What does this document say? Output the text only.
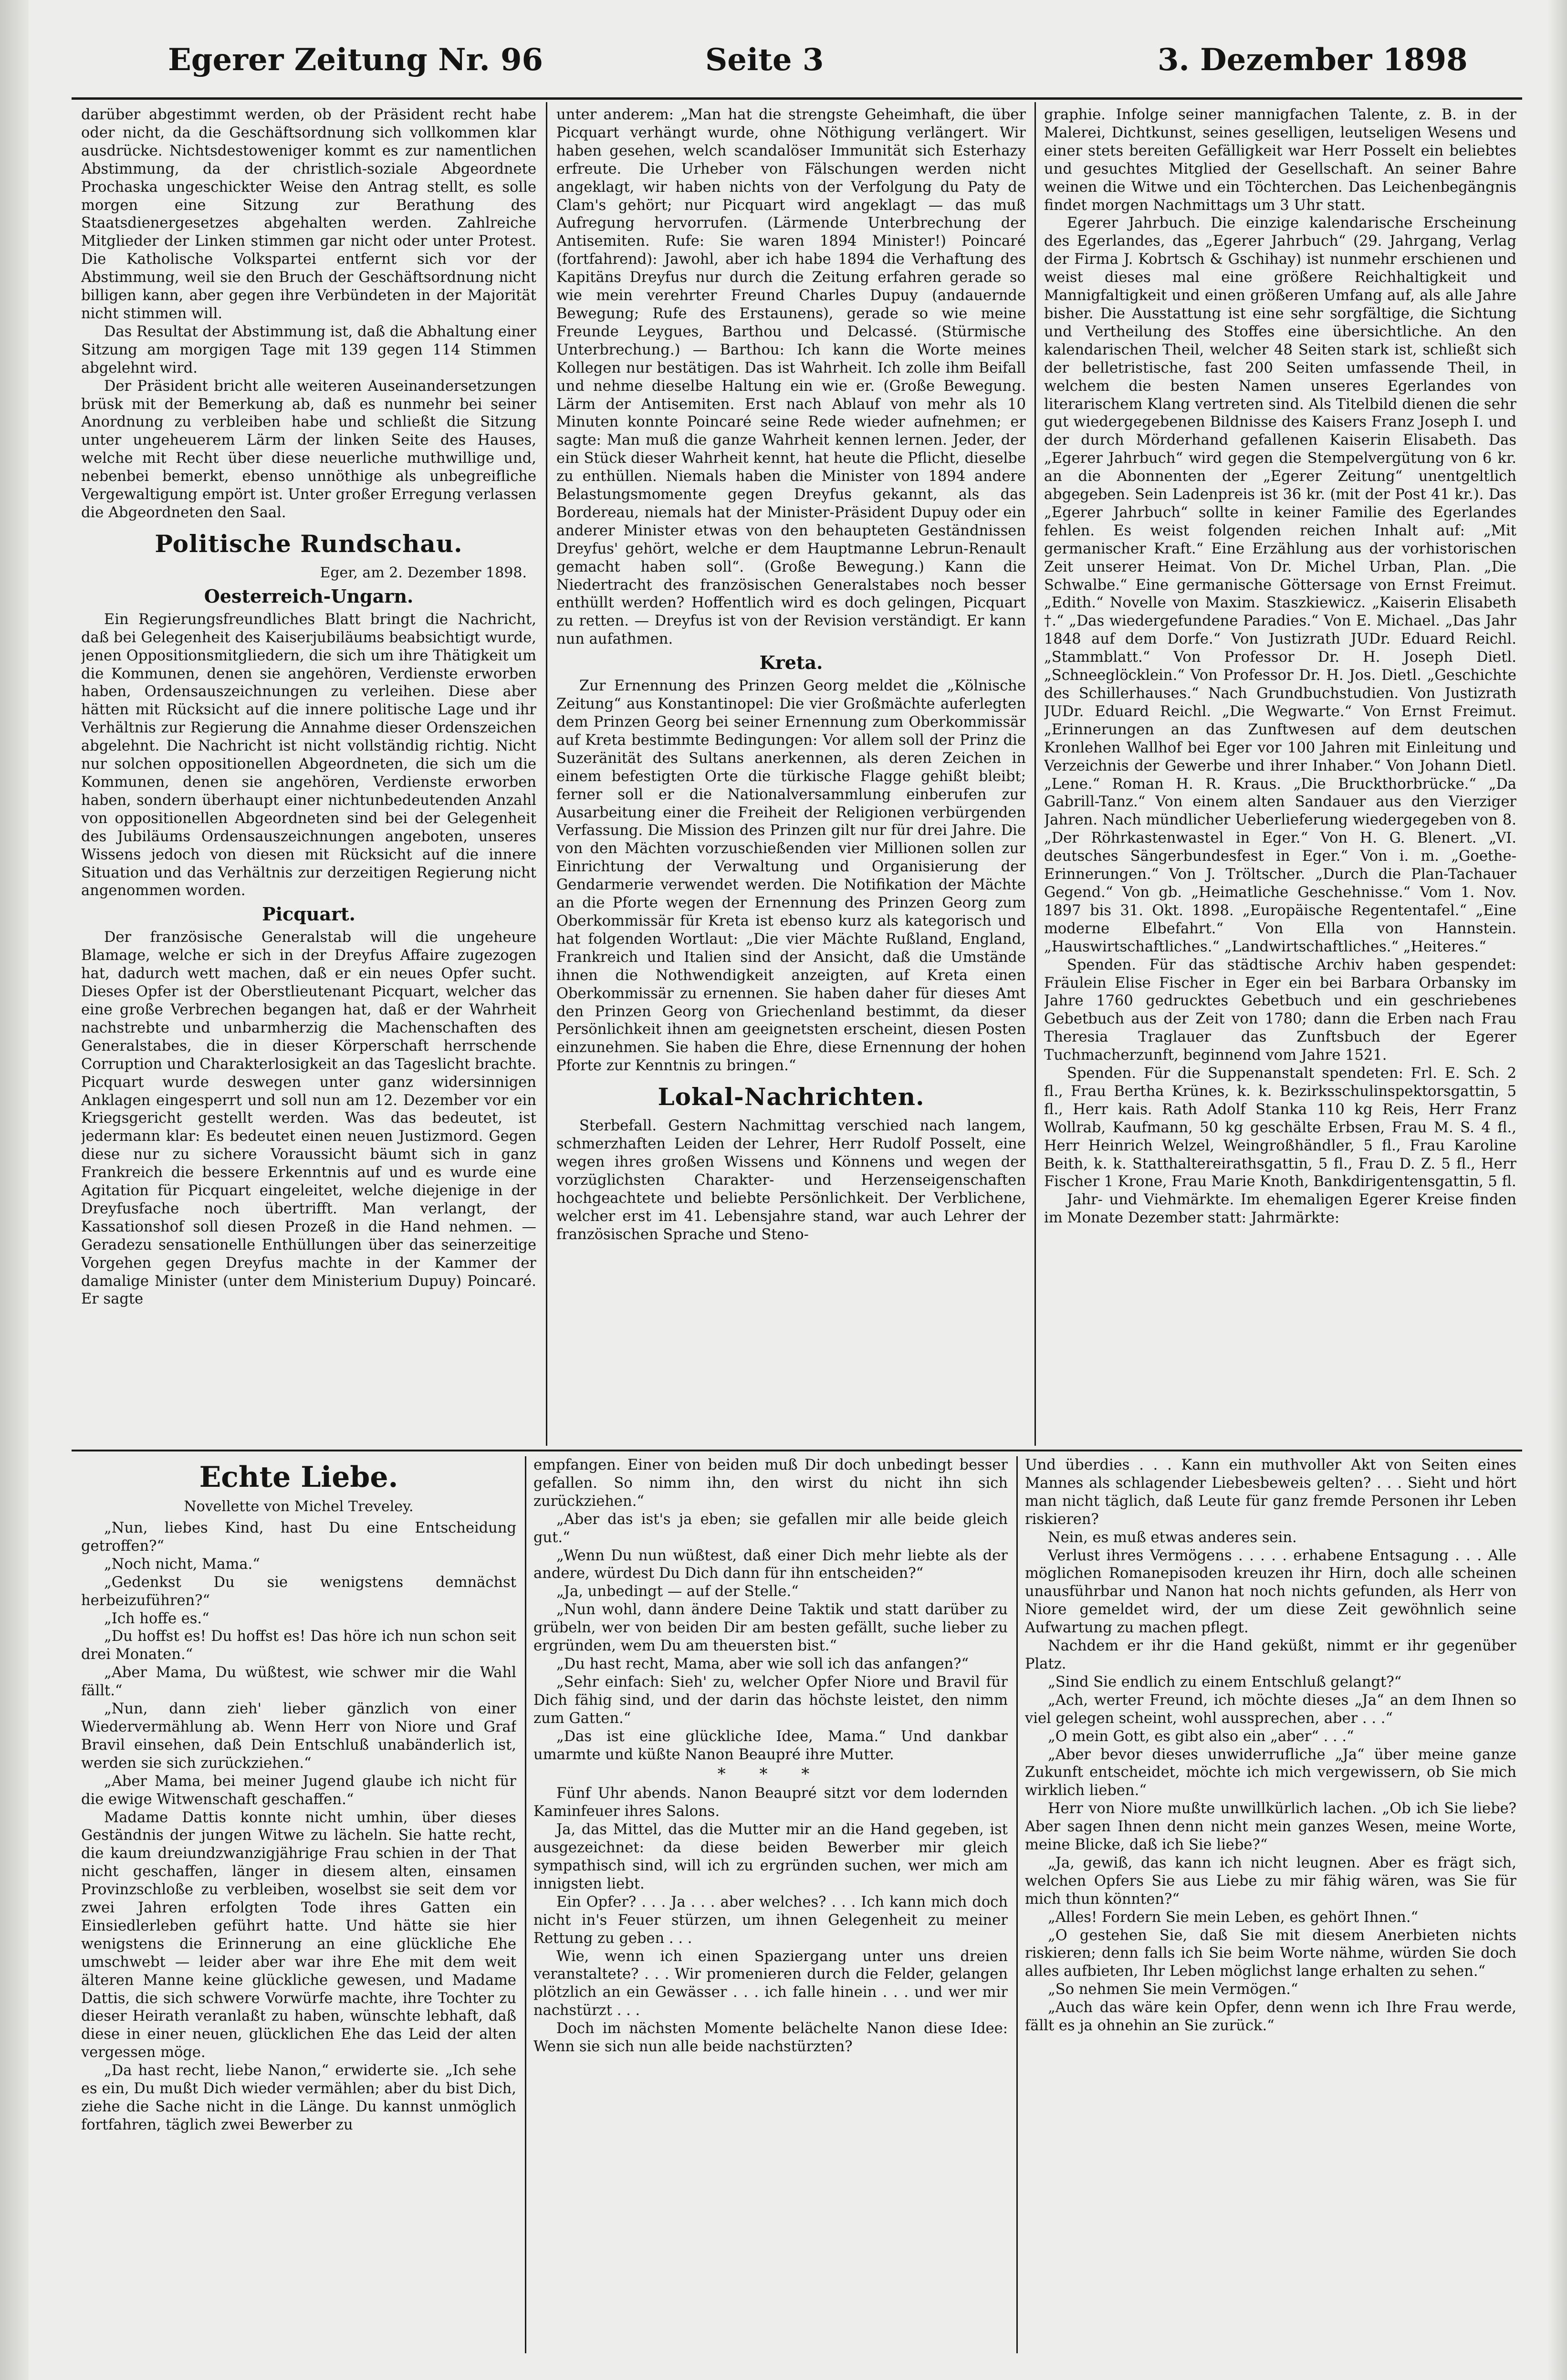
Egerer Zeitung Nr. 96	Seite 3	3. Dezember 1898

darüber abgestimmt werden, ob der Präsident recht habe oder nicht, da die Geschäftsordnung sich vollkommen klar ausdrücke. Nichtsdestoweniger kommt es zur namentlichen Abstimmung, da der christlich-soziale Abgeordnete Prochaska ungeschickter Weise den Antrag stellt, es solle morgen eine Sitzung zur Berathung des Staatsdienergesetzes abgehalten werden. Zahlreiche Mitglieder der Linken stimmen gar nicht oder unter Protest. Die Katholische Volkspartei entfernt sich vor der Abstimmung, weil sie den Bruch der Geschäftsordnung nicht billigen kann, aber gegen ihre Verbündeten in der Majorität nicht stimmen will.

Das Resultat der Abstimmung ist, daß die Abhaltung einer Sitzung am morgigen Tage mit 139 gegen 114 Stimmen abgelehnt wird.

Der Präsident bricht alle weiteren Auseinandersetzungen brüsk mit der Bemerkung ab, daß es nunmehr bei seiner Anordnung zu verbleiben habe und schließt die Sitzung unter ungeheuerem Lärm der linken Seite des Hauses, welche mit Recht über diese neuerliche muthwillige und, nebenbei bemerkt, ebenso unnöthige als unbegreifliche Vergewaltigung empört ist. Unter großer Erregung verlassen die Abgeordneten den Saal.

Politische Rundschau.
Eger, am 2. Dezember 1898.
Oesterreich-Ungarn.

Ein Regierungsfreundliches Blatt bringt die Nachricht, daß bei Gelegenheit des Kaiserjubiläums beabsichtigt wurde, jenen Oppositionsmitgliedern, die sich um ihre Thätigkeit um die Kommunen, denen sie angehören, Verdienste erworben haben, Ordensauszeichnungen zu verleihen. Diese aber hätten mit Rücksicht auf die innere politische Lage und ihr Verhältnis zur Regierung die Annahme dieser Ordenszeichen abgelehnt. Die Nachricht ist nicht vollständig richtig. Nicht nur solchen oppositionellen Abgeordneten, die sich um die Kommunen, denen sie angehören, Verdienste erworben haben, sondern überhaupt einer nichtunbedeutenden Anzahl von oppositionellen Abgeordneten sind bei der Gelegenheit des Jubiläums Ordensauszeichnungen angeboten, unseres Wissens jedoch von diesen mit Rücksicht auf die innere Situation und das Verhältnis zur derzeitigen Regierung nicht angenommen worden.

Picquart.

Der französische Generalstab will die ungeheure Blamage, welche er sich in der Dreyfus Affaire zugezogen hat, dadurch wett machen, daß er ein neues Opfer sucht. Dieses Opfer ist der Oberstlieutenant Picquart, welcher das eine große Verbrechen begangen hat, daß er der Wahrheit nachstrebte und unbarmherzig die Machenschaften des Generalstabes, die in dieser Körperschaft herrschende Corruption und Charakterlosigkeit an das Tageslicht brachte. Picquart wurde deswegen unter ganz widersinnigen Anklagen eingesperrt und soll nun am 12. Dezember vor ein Kriegsgericht gestellt werden. Was das bedeutet, ist jedermann klar: Es bedeutet einen neuen Justizmord. Gegen diese nur zu sichere Voraussicht bäumt sich in ganz Frankreich die bessere Erkenntnis auf und es wurde eine Agitation für Picquart eingeleitet, welche diejenige in der Dreyfusfache noch übertrifft. Man verlangt, der Kassationshof soll diesen Prozeß in die Hand nehmen. — Geradezu sensationelle Enthüllungen über das seinerzeitige Vorgehen gegen Dreyfus machte in der Kammer der damalige Minister (unter dem Ministerium Dupuy) Poincaré. Er sagte

unter anderem: „Man hat die strengste Geheimhaft, die über Picquart verhängt wurde, ohne Nöthigung verlängert. Wir haben gesehen, welch scandalöser Immunität sich Esterhazy erfreute. Die Urheber von Fälschungen werden nicht angeklagt, wir haben nichts von der Verfolgung du Paty de Clam's gehört; nur Picquart wird angeklagt — das muß Aufregung hervorrufen. (Lärmende Unterbrechung der Antisemiten. Rufe: Sie waren 1894 Minister!) Poincaré (fortfahrend): Jawohl, aber ich habe 1894 die Verhaftung des Kapitäns Dreyfus nur durch die Zeitung erfahren gerade so wie mein verehrter Freund Charles Dupuy (andauernde Bewegung; Rufe des Erstaunens), gerade so wie meine Freunde Leygues, Barthou und Delcassé. (Stürmische Unterbrechung.) — Barthou: Ich kann die Worte meines Kollegen nur bestätigen. Das ist Wahrheit. Ich zolle ihm Beifall und nehme dieselbe Haltung ein wie er. (Große Bewegung. Lärm der Antisemiten. Erst nach Ablauf von mehr als 10 Minuten konnte Poincaré seine Rede wieder aufnehmen; er sagte: Man muß die ganze Wahrheit kennen lernen. Jeder, der ein Stück dieser Wahrheit kennt, hat heute die Pflicht, dieselbe zu enthüllen. Niemals haben die Minister von 1894 andere Belastungsmomente gegen Dreyfus gekannt, als das Bordereau, niemals hat der Minister-Präsident Dupuy oder ein anderer Minister etwas von den behaupteten Geständnissen Dreyfus' gehört, welche er dem Hauptmanne Lebrun-Renault gemacht haben soll“. (Große Bewegung.) Kann die Niedertracht des französischen Generalstabes noch besser enthüllt werden? Hoffentlich wird es doch gelingen, Picquart zu retten. — Dreyfus ist von der Revision verständigt. Er kann nun aufathmen.

Kreta.

Zur Ernennung des Prinzen Georg meldet die „Kölnische Zeitung“ aus Konstantinopel: Die vier Großmächte auferlegten dem Prinzen Georg bei seiner Ernennung zum Oberkommissär auf Kreta bestimmte Bedingungen: Vor allem soll der Prinz die Suzeränität des Sultans anerkennen, als deren Zeichen in einem befestigten Orte die türkische Flagge gehißt bleibt; ferner soll er die Nationalversammlung einberufen zur Ausarbeitung einer die Freiheit der Religionen verbürgenden Verfassung. Die Mission des Prinzen gilt nur für drei Jahre. Die von den Mächten vorzuschießenden vier Millionen sollen zur Einrichtung der Verwaltung und Organisierung der Gendarmerie verwendet werden. Die Notifikation der Mächte an die Pforte wegen der Ernennung des Prinzen Georg zum Oberkommissär für Kreta ist ebenso kurz als kategorisch und hat folgenden Wortlaut: „Die vier Mächte Rußland, England, Frankreich und Italien sind der Ansicht, daß die Umstände ihnen die Nothwendigkeit anzeigten, auf Kreta einen Oberkommissär zu ernennen. Sie haben daher für dieses Amt den Prinzen Georg von Griechenland bestimmt, da dieser Persönlichkeit ihnen am geeignetsten erscheint, diesen Posten einzunehmen. Sie haben die Ehre, diese Ernennung der hohen Pforte zur Kenntnis zu bringen.“

Lokal-Nachrichten.

Sterbefall. Gestern Nachmittag verschied nach langem, schmerzhaften Leiden der Lehrer, Herr Rudolf Posselt, eine wegen ihres großen Wissens und Könnens und wegen der vorzüglichsten Charakter- und Herzenseigenschaften hochgeachtete und beliebte Persönlichkeit. Der Verblichene, welcher erst im 41. Lebensjahre stand, war auch Lehrer der französischen Sprache und Steno-

graphie. Infolge seiner mannigfachen Talente, z. B. in der Malerei, Dichtkunst, seines geselligen, leutseligen Wesens und einer stets bereiten Gefälligkeit war Herr Posselt ein beliebtes und gesuchtes Mitglied der Gesellschaft. An seiner Bahre weinen die Witwe und ein Töchterchen. Das Leichenbegängnis findet morgen Nachmittags um 3 Uhr statt.

Egerer Jahrbuch. Die einzige kalendarische Erscheinung des Egerlandes, das „Egerer Jahrbuch“ (29. Jahrgang, Verlag der Firma J. Kobrtsch & Gschihay) ist nunmehr erschienen und weist dieses mal eine größere Reichhaltigkeit und Mannigfaltigkeit und einen größeren Umfang auf, als alle Jahre bisher. Die Ausstattung ist eine sehr sorgfältige, die Sichtung und Vertheilung des Stoffes eine übersichtliche. An den kalendarischen Theil, welcher 48 Seiten stark ist, schließt sich der belletristische, fast 200 Seiten umfassende Theil, in welchem die besten Namen unseres Egerlandes von literarischem Klang vertreten sind. Als Titelbild dienen die sehr gut wiedergegebenen Bildnisse des Kaisers Franz Joseph I. und der durch Mörderhand gefallenen Kaiserin Elisabeth. Das „Egerer Jahrbuch“ wird gegen die Stempelvergütung von 6 kr. an die Abonnenten der „Egerer Zeitung“ unentgeltlich abgegeben. Sein Ladenpreis ist 36 kr. (mit der Post 41 kr.). Das „Egerer Jahrbuch“ sollte in keiner Familie des Egerlandes fehlen. Es weist folgenden reichen Inhalt auf: „Mit germanischer Kraft.“ Eine Erzählung aus der vorhistorischen Zeit unserer Heimat. Von Dr. Michel Urban, Plan. „Die Schwalbe.“ Eine germanische Göttersage von Ernst Freimut. „Edith.“ Novelle von Maxim. Staszkiewicz. „Kaiserin Elisabeth †.“ „Das wiedergefundene Paradies.“ Von E. Michael. „Das Jahr 1848 auf dem Dorfe.“ Von Justizrath JUDr. Eduard Reichl. „Stammblatt.“ Von Professor Dr. H. Joseph Dietl. „Schneeglöcklein.“ Von Professor Dr. H. Jos. Dietl. „Geschichte des Schillerhauses.“ Nach Grundbuchstudien. Von Justizrath JUDr. Eduard Reichl. „Die Wegwarte.“ Von Ernst Freimut. „Erinnerungen an das Zunftwesen auf dem deutschen Kronlehen Wallhof bei Eger vor 100 Jahren mit Einleitung und Verzeichnis der Gewerbe und ihrer Inhaber.“ Von Johann Dietl. „Lene.“ Roman H. R. Kraus. „Die Bruckthorbrücke.“ „Da Gabrill-Tanz.“ Von einem alten Sandauer aus den Vierziger Jahren. Nach mündlicher Ueberlieferung wiedergegeben von 8. „Der Röhrkastenwastel in Eger.“ Von H. G. Blenert. „VI. deutsches Sängerbundesfest in Eger.“ Von i. m. „Goethe-Erinnerungen.“ Von J. Tröltscher. „Durch die Plan-Tachauer Gegend.“ Von gb. „Heimatliche Geschehnisse.“ Vom 1. Nov. 1897 bis 31. Okt. 1898. „Europäische Regententafel.“ „Eine moderne Elbefahrt.“ Von Ella von Hannstein. „Hauswirtschaftliches.“ „Landwirtschaftliches.“ „Heiteres.“

Spenden. Für das städtische Archiv haben gespendet: Fräulein Elise Fischer in Eger ein bei Barbara Orbansky im Jahre 1760 gedrucktes Gebetbuch und ein geschriebenes Gebetbuch aus der Zeit von 1780; dann die Erben nach Frau Theresia Traglauer das Zunftsbuch der Egerer Tuchmacherzunft, beginnend vom Jahre 1521.

Spenden. Für die Suppenanstalt spendeten: Frl. E. Sch. 2 fl., Frau Bertha Krünes, k. k. Bezirksschulinspektorsgattin, 5 fl., Herr kais. Rath Adolf Stanka 110 kg Reis, Herr Franz Wollrab, Kaufmann, 50 kg geschälte Erbsen, Frau M. S. 4 fl., Herr Heinrich Welzel, Weingroßhändler, 5 fl., Frau Karoline Beith, k. k. Statthaltereirathsgattin, 5 fl., Frau D. Z. 5 fl., Herr Fischer 1 Krone, Frau Marie Knoth, Bankdirigentensgattin, 5 fl.

Jahr- und Viehmärkte. Im ehemaligen Egerer Kreise finden im Monate Dezember statt: Jahrmärkte:

Echte Liebe.
Novellette von Michel Treveley.

„Nun, liebes Kind, hast Du eine Entscheidung getroffen?“

„Noch nicht, Mama.“

„Gedenkst Du sie wenigstens demnächst herbeizuführen?“

„Ich hoffe es.“

„Du hoffst es! Du hoffst es! Das höre ich nun schon seit drei Monaten.“

„Aber Mama, Du wüßtest, wie schwer mir die Wahl fällt.“

„Nun, dann zieh' lieber gänzlich von einer Wiedervermählung ab. Wenn Herr von Niore und Graf Bravil einsehen, daß Dein Entschluß unabänderlich ist, werden sie sich zurückziehen.“

„Aber Mama, bei meiner Jugend glaube ich nicht für die ewige Witwenschaft geschaffen.“

Madame Dattis konnte nicht umhin, über dieses Geständnis der jungen Witwe zu lächeln. Sie hatte recht, die kaum dreiundzwanzigjährige Frau schien in der That nicht geschaffen, länger in diesem alten, einsamen Provinzschloße zu verbleiben, woselbst sie seit dem vor zwei Jahren erfolgten Tode ihres Gatten ein Einsiedlerleben geführt hatte. Und hätte sie hier wenigstens die Erinnerung an eine glückliche Ehe umschwebt — leider aber war ihre Ehe mit dem weit älteren Manne keine glückliche gewesen, und Madame Dattis, die sich schwere Vorwürfe machte, ihre Tochter zu dieser Heirath veranlaßt zu haben, wünschte lebhaft, daß diese in einer neuen, glücklichen Ehe das Leid der alten vergessen möge.

„Da hast recht, liebe Nanon,“ erwiderte sie. „Ich sehe es ein, Du mußt Dich wieder vermählen; aber du bist Dich, ziehe die Sache nicht in die Länge. Du kannst unmöglich fortfahren, täglich zwei Bewerber zu

empfangen. Einer von beiden muß Dir doch unbedingt besser gefallen. So nimm ihn, den wirst du nicht ihn sich zurückziehen.“

„Aber das ist's ja eben; sie gefallen mir alle beide gleich gut.“

„Wenn Du nun wüßtest, daß einer Dich mehr liebte als der andere, würdest Du Dich dann für ihn entscheiden?“

„Ja, unbedingt — auf der Stelle.“

„Nun wohl, dann ändere Deine Taktik und statt darüber zu grübeln, wer von beiden Dir am besten gefällt, suche lieber zu ergründen, wem Du am theuersten bist.“

„Du hast recht, Mama, aber wie soll ich das anfangen?“

„Sehr einfach: Sieh' zu, welcher Opfer Niore und Bravil für Dich fähig sind, und der darin das höchste leistet, den nimm zum Gatten.“

„Das ist eine glückliche Idee, Mama.“ Und dankbar umarmte und küßte Nanon Beaupré ihre Mutter.

* * *

Fünf Uhr abends. Nanon Beaupré sitzt vor dem lodernden Kaminfeuer ihres Salons.

Ja, das Mittel, das die Mutter mir an die Hand gegeben, ist ausgezeichnet: da diese beiden Bewerber mir gleich sympathisch sind, will ich zu ergründen suchen, wer mich am innigsten liebt.

Ein Opfer? . . . Ja . . . aber welches? . . . Ich kann mich doch nicht in's Feuer stürzen, um ihnen Gelegenheit zu meiner Rettung zu geben . . .

Wie, wenn ich einen Spaziergang unter uns dreien veranstaltete? . . . Wir promenieren durch die Felder, gelangen plötzlich an ein Gewässer . . . ich falle hinein . . . und wer mir nachstürzt . . .

Doch im nächsten Momente belächelte Nanon diese Idee: Wenn sie sich nun alle beide nachstürzten?

Und überdies . . . Kann ein muthvoller Akt von Seiten eines Mannes als schlagender Liebesbeweis gelten? . . . Sieht und hört man nicht täglich, daß Leute für ganz fremde Personen ihr Leben riskieren?

Nein, es muß etwas anderes sein.

Verlust ihres Vermögens . . . . . erhabene Entsagung . . . Alle möglichen Romanepisoden kreuzen ihr Hirn, doch alle scheinen unausführbar und Nanon hat noch nichts gefunden, als Herr von Niore gemeldet wird, der um diese Zeit gewöhnlich seine Aufwartung zu machen pflegt.

Nachdem er ihr die Hand geküßt, nimmt er ihr gegenüber Platz.

„Sind Sie endlich zu einem Entschluß gelangt?“

„Ach, werter Freund, ich möchte dieses „Ja“ an dem Ihnen so viel gelegen scheint, wohl aussprechen, aber . . .“

„O mein Gott, es gibt also ein „aber“ . . .“

„Aber bevor dieses unwiderrufliche „Ja“ über meine ganze Zukunft entscheidet, möchte ich mich vergewissern, ob Sie mich wirklich lieben.“

Herr von Niore mußte unwillkürlich lachen. „Ob ich Sie liebe? Aber sagen Ihnen denn nicht mein ganzes Wesen, meine Worte, meine Blicke, daß ich Sie liebe?“

„Ja, gewiß, das kann ich nicht leugnen. Aber es frägt sich, welchen Opfers Sie aus Liebe zu mir fähig wären, was Sie für mich thun könnten?“

„Alles! Fordern Sie mein Leben, es gehört Ihnen.“

„O gestehen Sie, daß Sie mit diesem Anerbieten nichts riskieren; denn falls ich Sie beim Worte nähme, würden Sie doch alles aufbieten, Ihr Leben möglichst lange erhalten zu sehen.“

„So nehmen Sie mein Vermögen.“

„Auch das wäre kein Opfer, denn wenn ich Ihre Frau werde, fällt es ja ohnehin an Sie zurück.“
